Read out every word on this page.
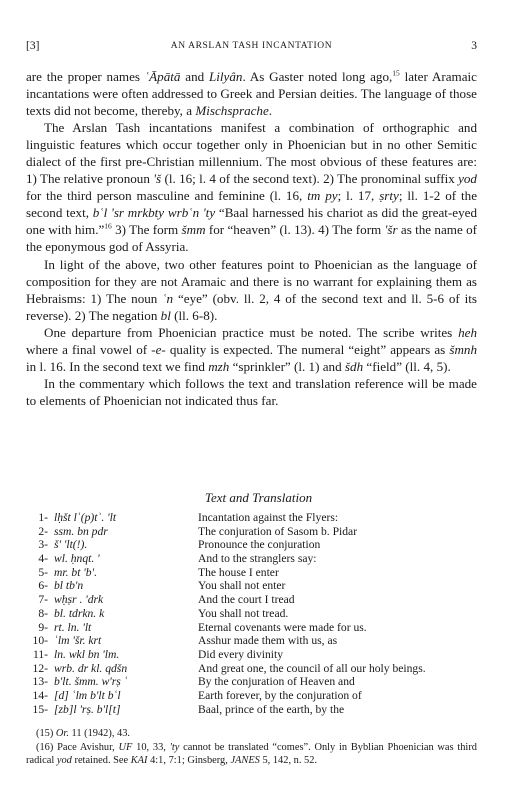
[3]	AN ARSLAN TASH INCANTATION	3

are the proper names ʿĀpātā and Lilyân. As Gaster noted long ago,$^{15}$ later Aramaic incantations were often addressed to Greek and Persian deities. The language of those texts did not become, thereby, a Mischsprache.

The Arslan Tash incantations manifest a combination of orthographic and linguistic features which occur together only in Phoenician but in no other Semitic dialect of the first pre-Christian millennium. The most obvious of these features are: 1) The relative pronoun 'š (l. 16; l. 4 of the second text). 2) The pronominal suffix yod for the third person masculine and feminine (l. 16, tm py; l. 17, ṣrty; ll. 1-2 of the second text, bʿl 'sr mrkbty wrbʿn 'ty “Baal harnessed his chariot as did the great-eyed one with him.”$^{16}$ 3) The form šmm for “heaven” (l. 13). 4) The form 'šr as the name of the eponymous god of Assyria.

In light of the above, two other features point to Phoenician as the language of composition for they are not Aramaic and there is no warrant for explaining them as Hebraisms: 1) The noun ʿn “eye” (obv. ll. 2, 4 of the second text and ll. 5-6 of its reverse). 2) The negation bl (ll. 6-8).

One departure from Phoenician practice must be noted. The scribe writes heh where a final vowel of -e- quality is expected. The numeral “eight” appears as šmnh in l. 16. In the second text we find mzh “sprinkler” (l. 1) and šdh “field” (ll. 4, 5).

In the commentary which follows the text and translation reference will be made to elements of Phoenician not indicated thus far.

Text and Translation
1- lḥšt lʿ(p)tʾ. 'lt	Incantation against the Flyers:
2- ssm. bn pdr	The conjuration of Sasom b. Pidar
3- š' 'lt(!).	Pronounce the conjuration
4- wl. ḥnqt. '	And to the stranglers say:
5- mr. bt 'b'.	The house I enter
6- bl tb'n	You shall not enter
7- wḥṣr . 'drk	And the court I tread
8- bl. tdrkn. k	You shall not tread.
9- rt. ln. 'lt	Eternal covenants were made for us.
10- ʿlm 'šr. krt	Asshur made them with us, as
11- ln. wkl bn 'lm.	Did every divinity
12- wrb. dr kl. qdšn	And great one, the council of all our holy beings.
13- b'lt. šmm. w'rṣ ʿ	By the conjuration of Heaven and
14- [d] ʿlm b'lt bʿl	Earth forever, by the conjuration of
15- [zb]l 'rṣ. b'l[t]	Baal, prince of the earth, by the

(15) Or. 11 (1942), 43.

(16) Pace Avishur, UF 10, 33, 'ty cannot be translated “comes”. Only in Byblian Phoenician was third radical yod retained. See KAI 4:1, 7:1; Ginsberg, JANES 5, 142, n. 52.
